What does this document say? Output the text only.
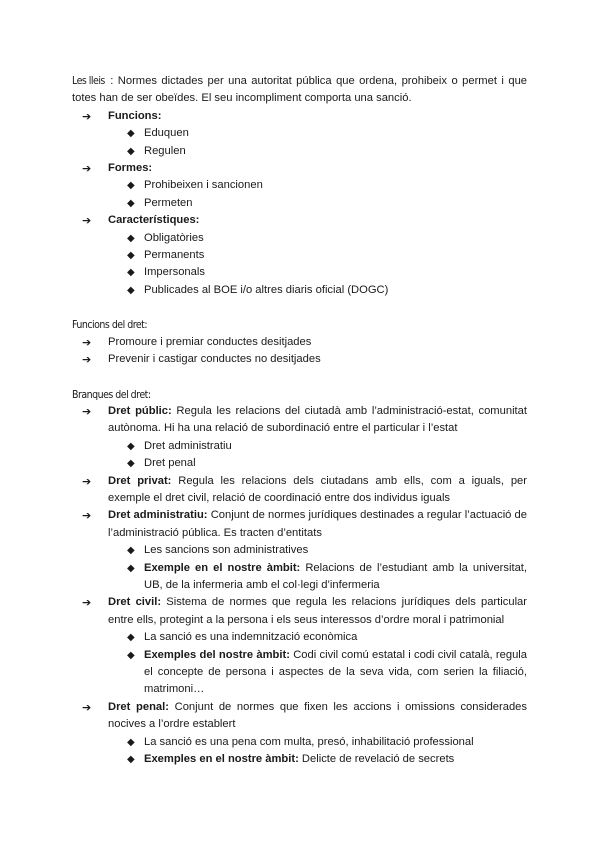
Les lleis : Normes dictades per una autoritat pública que ordena, prohibeix o permet i que totes han de ser obeïdes. El seu incompliment comporta una sanció.
➔	Funcions:
◆ Eduquen
◆ Regulen
➔	Formes:
◆ Prohibeixen i sancionen
◆ Permeten
➔	Característiques:
◆ Obligatòries
◆ Permanents
◆ Impersonals
◆ Publicades al BOE i/o altres diaris oficial (DOGC)
Funcions del dret:
➔	Promoure i premiar conductes desitjades
➔	Prevenir i castigar conductes no desitjades
Branques del dret:
➔	Dret públic: Regula les relacions del ciutadà amb l’administració-estat, comunitat autònoma. Hi ha una relació de subordinació entre el particular i l’estat
◆ Dret administratiu
◆ Dret penal
➔	Dret privat: Regula les relacions dels ciutadans amb ells, com a iguals, per exemple el dret civil, relació de coordinació entre dos individus iguals
➔	Dret administratiu: Conjunt de normes jurídiques destinades a regular l’actuació de l’administració pública. Es tracten d’entitats
◆ Les sancions son administratives
◆ Exemple en el nostre àmbit: Relacions de l’estudiant amb la universitat, UB, de la infermeria amb el col·legi d’infermeria
➔	Dret civil: Sistema de normes que regula les relacions jurídiques dels particular entre ells, protegint a la persona i els seus interessos d’ordre moral i patrimonial
◆ La sanció es una indemnització econòmica
◆ Exemples del nostre àmbit: Codi civil comú estatal i codi civil català, regula el concepte de persona i aspectes de la seva vida, com serien la filiació, matrimoni…
➔	Dret penal: Conjunt de normes que fixen les accions i omissions considerades nocives a l’ordre establert
◆ La sanció es una pena com multa, presó, inhabilitació professional
◆ Exemples en el nostre àmbit: Delicte de revelació de secrets
